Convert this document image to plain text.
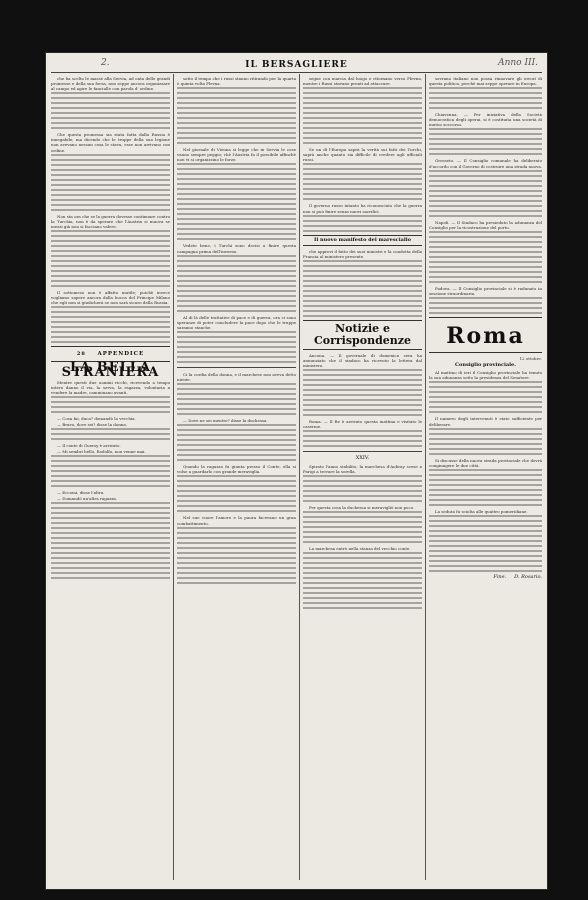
2.	Anno III.
IL BERSAGLIERE

che ha scelto le masse alla Servia, ad onta delle grandi promesse e della sua forza, non seppe ancora organizzare al campo ed agire le fanciulle con parola d' ordine.

Che questa promessa sia stata fatta dalla Russia è innegabile; ma dicendo che le truppe della sua legione non avevano nessun cosa le stava, esse non arrivano con ordine.

Non sta ora che se la guerra dovesse continuare contro la Turchia, non è da sperare che l'Austria si muova se mezzi già non si facciano valere.

Il sottomeso non è affatto inutile; poichè invece vogliamo sapere ancora dalla bocca del Principe Milano che egli non si giudicherà se non sarà sicuro della Russia.

28 APPENDICE
LA BELLA STRANIERA

Mentre questi due uomini ricchi, ricevendo a tempo intero danno il via, la serva, la ragazza, volontaria a vendere la madre, camminano avanti.

— Cosa fai, duca? domandò la vecchia.

— Bravo, dove sei? disse la donna.

— Il conte di Guersy è arrivato.

— Mi sembri bello, Rodolfo, non venne mai.

— Eccomi, disse l'altra.

— Domandò un'altra ragazza.

sotto il tempo che i russi stanno ritirando per la quarta e quinta volta Plevna.

Nel giornale di Vienna si legge che in Servia le cose vanno sempre peggio; chè l'Austria fa il possibile affinchè non vi si organizzino le forze.

Vedete bene, i Turchi sono decisi a finire questa campagna prima dell'inverno.

Al di là delle trattative di pace e di guerra, ora ci sono speranze di poter concludere la pace dopo che le truppe saranno stanche.

Ci la cordia della donna, e il marchese non aveva detto niente.

— Dove ne sei mentre? disse la duchessa.

Quando la ragazza fu giunta presso il Conte, ella si volse a guardarlo con grande meraviglia.

Nel suo cuore l'amore e la paura facevano un gran combattimento.

segue con marcia dal luogo e ritornano verso Plevna, mentre i Russi stavano pronti ad attaccare.

Se un dì l'Europa saprà la verità sui fatti dei Turchi, saprà anche quanto sia difficile di credere agli ufficiali russi.

Il governo russo intanto ha riconosciuto che la guerra non si può finire senza nuovi sacrifici.

Il nuovo manifesto del maresciallo

che approvi il fatto dei suoi ministri e la condotta della Francia al ministero presente.

Notizie e Corrispondenze

Ancona. — Il governale di domenica sera ha annunziato che il sindaco ha ricevuto la lettera dal ministero.

Roma. — Il Re è arrivato questa mattina e visitato le caserme.

XXIV.

Spirato l'anno stabilito, la marchesa d'Aubray scese a Parigi a trovare la sorella.

Per questa cosa la duchessa si meravigliò non poco.

La marchesa entrò nella stanza del vecchio conte.

sovrano italiano non possa rinnovare gli errori di questa politica, perchè mai seppe operare in Europa.

Chiavenna. — Per iniziativa della Società democratica degli operai, si è costituita una società di mutuo soccorso.

Grosseto. — Il Consiglio comunale ha deliberato d'accordo con il Governo di costruire una strada nuova.

Napoli. — Il Sindaco ha presieduto la adunanza del Consiglio per la ricostruzione del porto.

Padova. — Il Consiglio provinciale si è radunato in sessione straordinaria.

Roma
12 ottobre.
Consiglio provinciale.

Al mattino di ieri il Consiglio provinciale ha tenuto la sua adunanza sotto la presidenza del Senatore.

Il numero degli intervenuti è stato sufficiente per deliberare.

Si discusse della nuova strada provinciale che dovrà congiungere le due città.

La seduta fu sciolta alle quattro pomeridiane.

Fine. D. Rosario.
